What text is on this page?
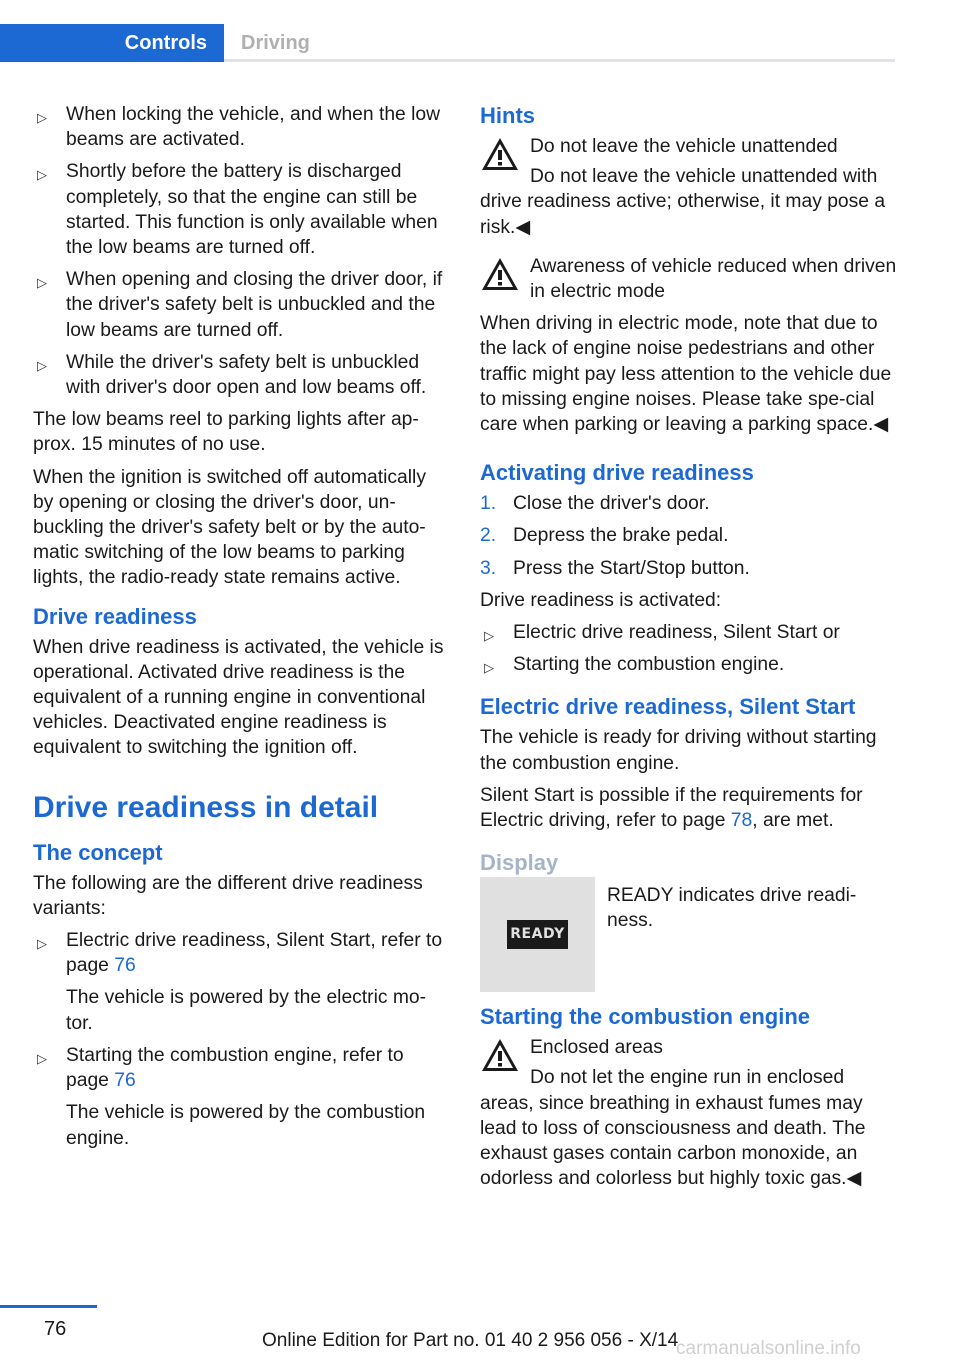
Controls	Driving
▷ When locking the vehicle, and when the low beams are activated.
▷ Shortly before the battery is discharged completely, so that the engine can still be started. This function is only available when the low beams are turned off.
▷ When opening and closing the driver door, if the driver's safety belt is unbuckled and the low beams are turned off.
▷ While the driver's safety belt is unbuckled with driver's door open and low beams off.

The low beams reel to parking lights after ap‐prox. 15 minutes of no use.

When the ignition is switched off automatically by opening or closing the driver's door, un‐buckling the driver's safety belt or by the auto‐matic switching of the low beams to parking lights, the radio-ready state remains active.

Drive readiness

When drive readiness is activated, the vehicle is operational. Activated drive readiness is the equivalent of a running engine in conventional vehicles. Deactivated engine readiness is equivalent to switching the ignition off.

Drive readiness in detail
The concept

The following are the different drive readiness variants:

▷ Electric drive readiness, Silent Start, refer to page 76
The vehicle is powered by the electric mo‐tor.
▷ Starting the combustion engine, refer to page 76
The vehicle is powered by the combustion engine.
Hints

Do not leave the vehicle unattended

Do not leave the vehicle unattended with drive readiness active; otherwise, it may pose a risk.◀

Awareness of vehicle reduced when driven in electric mode

When driving in electric mode, note that due to the lack of engine noise pedestrians and other traffic might pay less attention to the vehicle due to missing engine noises. Please take spe‐cial care when parking or leaving a parking space.◀

Activating drive readiness
1. Close the driver's door.
2. Depress the brake pedal.
3. Press the Start/Stop button.

Drive readiness is activated:

▷ Electric drive readiness, Silent Start or
▷ Starting the combustion engine.
Electric drive readiness, Silent Start

The vehicle is ready for driving without starting the combustion engine.

Silent Start is possible if the requirements for Electric driving, refer to page 78, are met.

Display
READY
READY indicates drive readi‐ness.
Starting the combustion engine

Enclosed areas

Do not let the engine run in enclosed areas, since breathing in exhaust fumes may lead to loss of consciousness and death. The exhaust gases contain carbon monoxide, an odorless and colorless but highly toxic gas.◀

76
Online Edition for Part no. 01 40 2 956 056 - X/14
carmanualsonline.info
